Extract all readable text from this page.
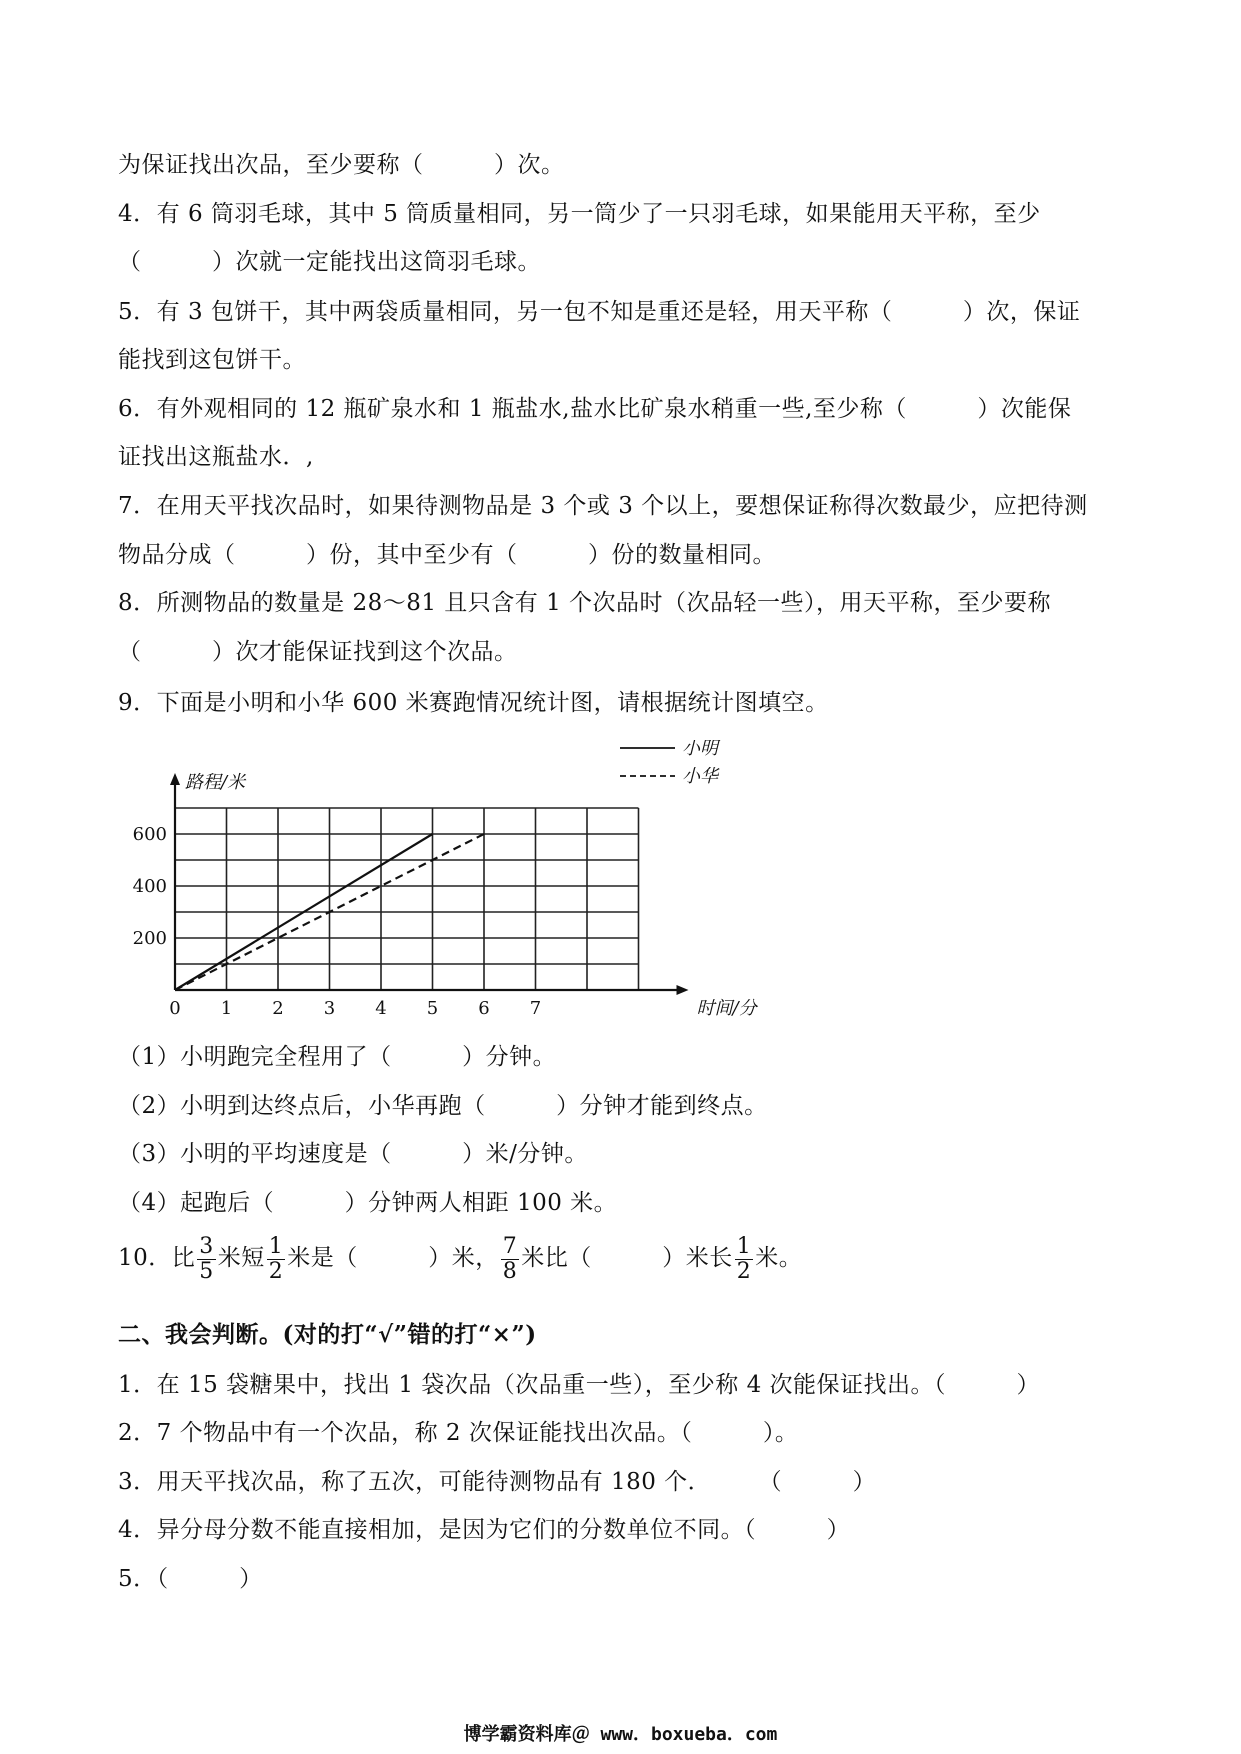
为保证找出次品，至少要称（　　　）次。
4．有 6 筒羽毛球，其中 5 筒质量相同，另一筒少了一只羽毛球，如果能用天平称，至少
（　　　）次就一定能找出这筒羽毛球。
5．有 3 包饼干，其中两袋质量相同，另一包不知是重还是轻，用天平称（　　　）次，保证
能找到这包饼干。
6．有外观相同的 12 瓶矿泉水和 1 瓶盐水,盐水比矿泉水稍重一些,至少称（　　　）次能保
证找出这瓶盐水．,
7．在用天平找次品时，如果待测物品是 3 个或 3 个以上，要想保证称得次数最少，应把待测
物品分成（　　　）份，其中至少有（　　　）份的数量相同。
8．所测物品的数量是 28～81 且只含有 1 个次品时（次品轻一些），用天平称，至少要称
（　　　）次才能保证找到这个次品。
9．下面是小明和小华 600 米赛跑情况统计图，请根据统计图填空。
0 1 2 3 4 5 6 7
200
400
600
路程/米
时间/分
小明
小华
（1）小明跑完全程用了（　　　）分钟。
（2）小明到达终点后，小华再跑（　　　）分钟才能到终点。
（3）小明的平均速度是（　　　）米/分钟。
（4）起跑后（　　　）分钟两人相距 100 米。
10．比 $\frac{3}{5}$ 米短 $\frac{1}{2}$ 米是（　　　）米， $\frac{7}{8}$ 米比（　　　）米长 $\frac{1}{2}$ 米。
二、我会判断。(对的打“√”错的打“×”)
1．在 15 袋糖果中，找出 1 袋次品（次品重一些），至少称 4 次能保证找出。（　　　）
2．7 个物品中有一个次品，称 2 次保证能找出次品。（　　　）。
3．用天平找次品，称了五次，可能待测物品有 180 个．　　　（　　　）
4．异分母分数不能直接相加，是因为它们的分数单位不同。（　　　）
5．（　　　）
博学霸资料库＠ www．boxueba．com
